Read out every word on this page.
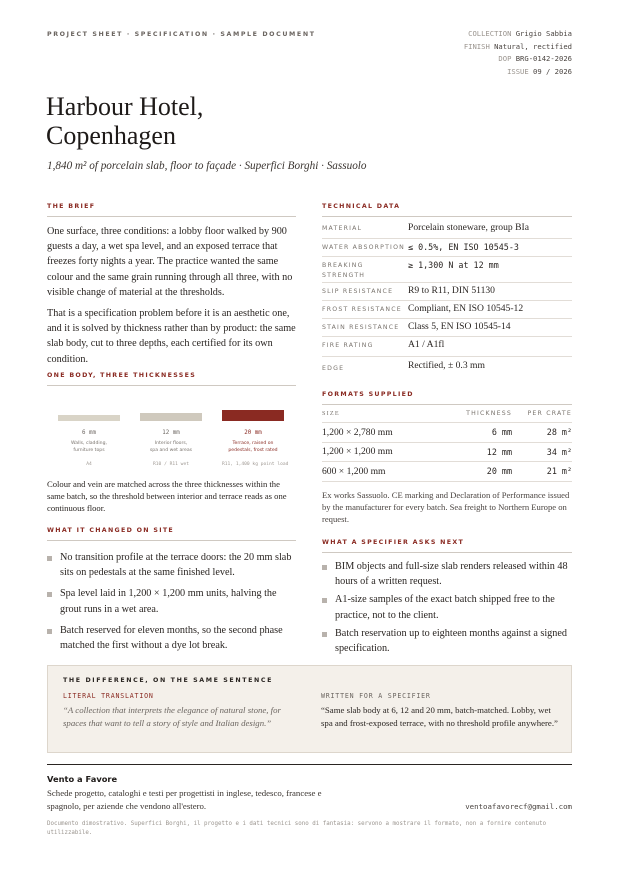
PROJECT SHEET · SPECIFICATION · SAMPLE DOCUMENT	COLLECTION Grigio Sabbia
FINISH Natural, rectified
DOP BRG-0142-2026
ISSUE 09 / 2026
Harbour Hotel,
Copenhagen
1,840 m² of porcelain slab, floor to façade · Superfici Borghi · Sassuolo
THE BRIEF

One surface, three conditions: a lobby floor walked by 900 guests a day, a wet spa level, and an exposed terrace that freezes forty nights a year. The practice wanted the same colour and the same grain running through all three, with no visible change of material at the thresholds.

That is a specification problem before it is an aesthetic one, and it is solved by thickness rather than by product: the same slab body, cut to three depths, each certified for its own condition.

ONE BODY, THREE THICKNESSES
6 mm
Walls, cladding,
furniture tops
A4
12 mm
Interior floors,
spa and wet areas
R10 / R11 wet
20 mm
Terrace, raised on
pedestals, frost rated
R11, 1,400 kg point load

Colour and vein are matched across the three thicknesses within the same batch, so the threshold between interior and terrace reads as one continuous floor.

WHAT IT CHANGED ON SITE
No transition profile at the terrace doors: the 20 mm slab sits on pedestals at the same finished level.
Spa level laid in 1,200 × 1,200 mm units, halving the grout runs in a wet area.
Batch reserved for eleven months, so the second phase matched the first without a dye lot break.
TECHNICAL DATA
MATERIAL	Porcelain stoneware, group BIa
WATER ABSORPTION ≤ 0.5%, EN ISO 10545-3
BREAKING STRENGTH
≥ 1,300 N at 12 mm
SLIP RESISTANCE	R9 to R11, DIN 51130
FROST RESISTANCE Compliant, EN ISO 10545-12
STAIN RESISTANCE Class 5, EN ISO 10545-14
FIRE RATING	A1 / A1fl
EDGE	Rectified, ± 0.3 mm
FORMATS SUPPLIED
SIZE	THICKNESS	PER CRATE
1,200 × 2,780 mm	6 mm	28 m²
1,200 × 1,200 mm	12 mm	34 m²
600 × 1,200 mm	20 mm	21 m²

Ex works Sassuolo. CE marking and Declaration of Performance issued by the manufacturer for every batch. Sea freight to Northern Europe on request.

WHAT A SPECIFIER ASKS NEXT
BIM objects and full-size slab renders released within 48 hours of a written request.
A1-size samples of the exact batch shipped free to the practice, not to the client.
Batch reservation up to eighteen months against a signed specification.
THE DIFFERENCE, ON THE SAME SENTENCE
LITERAL TRANSLATION
“A collection that interprets the elegance of natural stone, for spaces that want to tell a story of style and Italian design.”
WRITTEN FOR A SPECIFIER
“Same slab body at 6, 12 and 20 mm, batch-matched. Lobby, wet spa and frost-exposed terrace, with no threshold profile anywhere.”
Vento a Favore
Schede progetto, cataloghi e testi per progettisti in inglese, tedesco, francese e spagnolo, per aziende che vendono all'estero.	ventoafavorecf@gmail.com
Documento dimostrativo. Superfici Borghi, il progetto e i dati tecnici sono di fantasia: servono a mostrare il formato, non a fornire contenuto utilizzabile.
